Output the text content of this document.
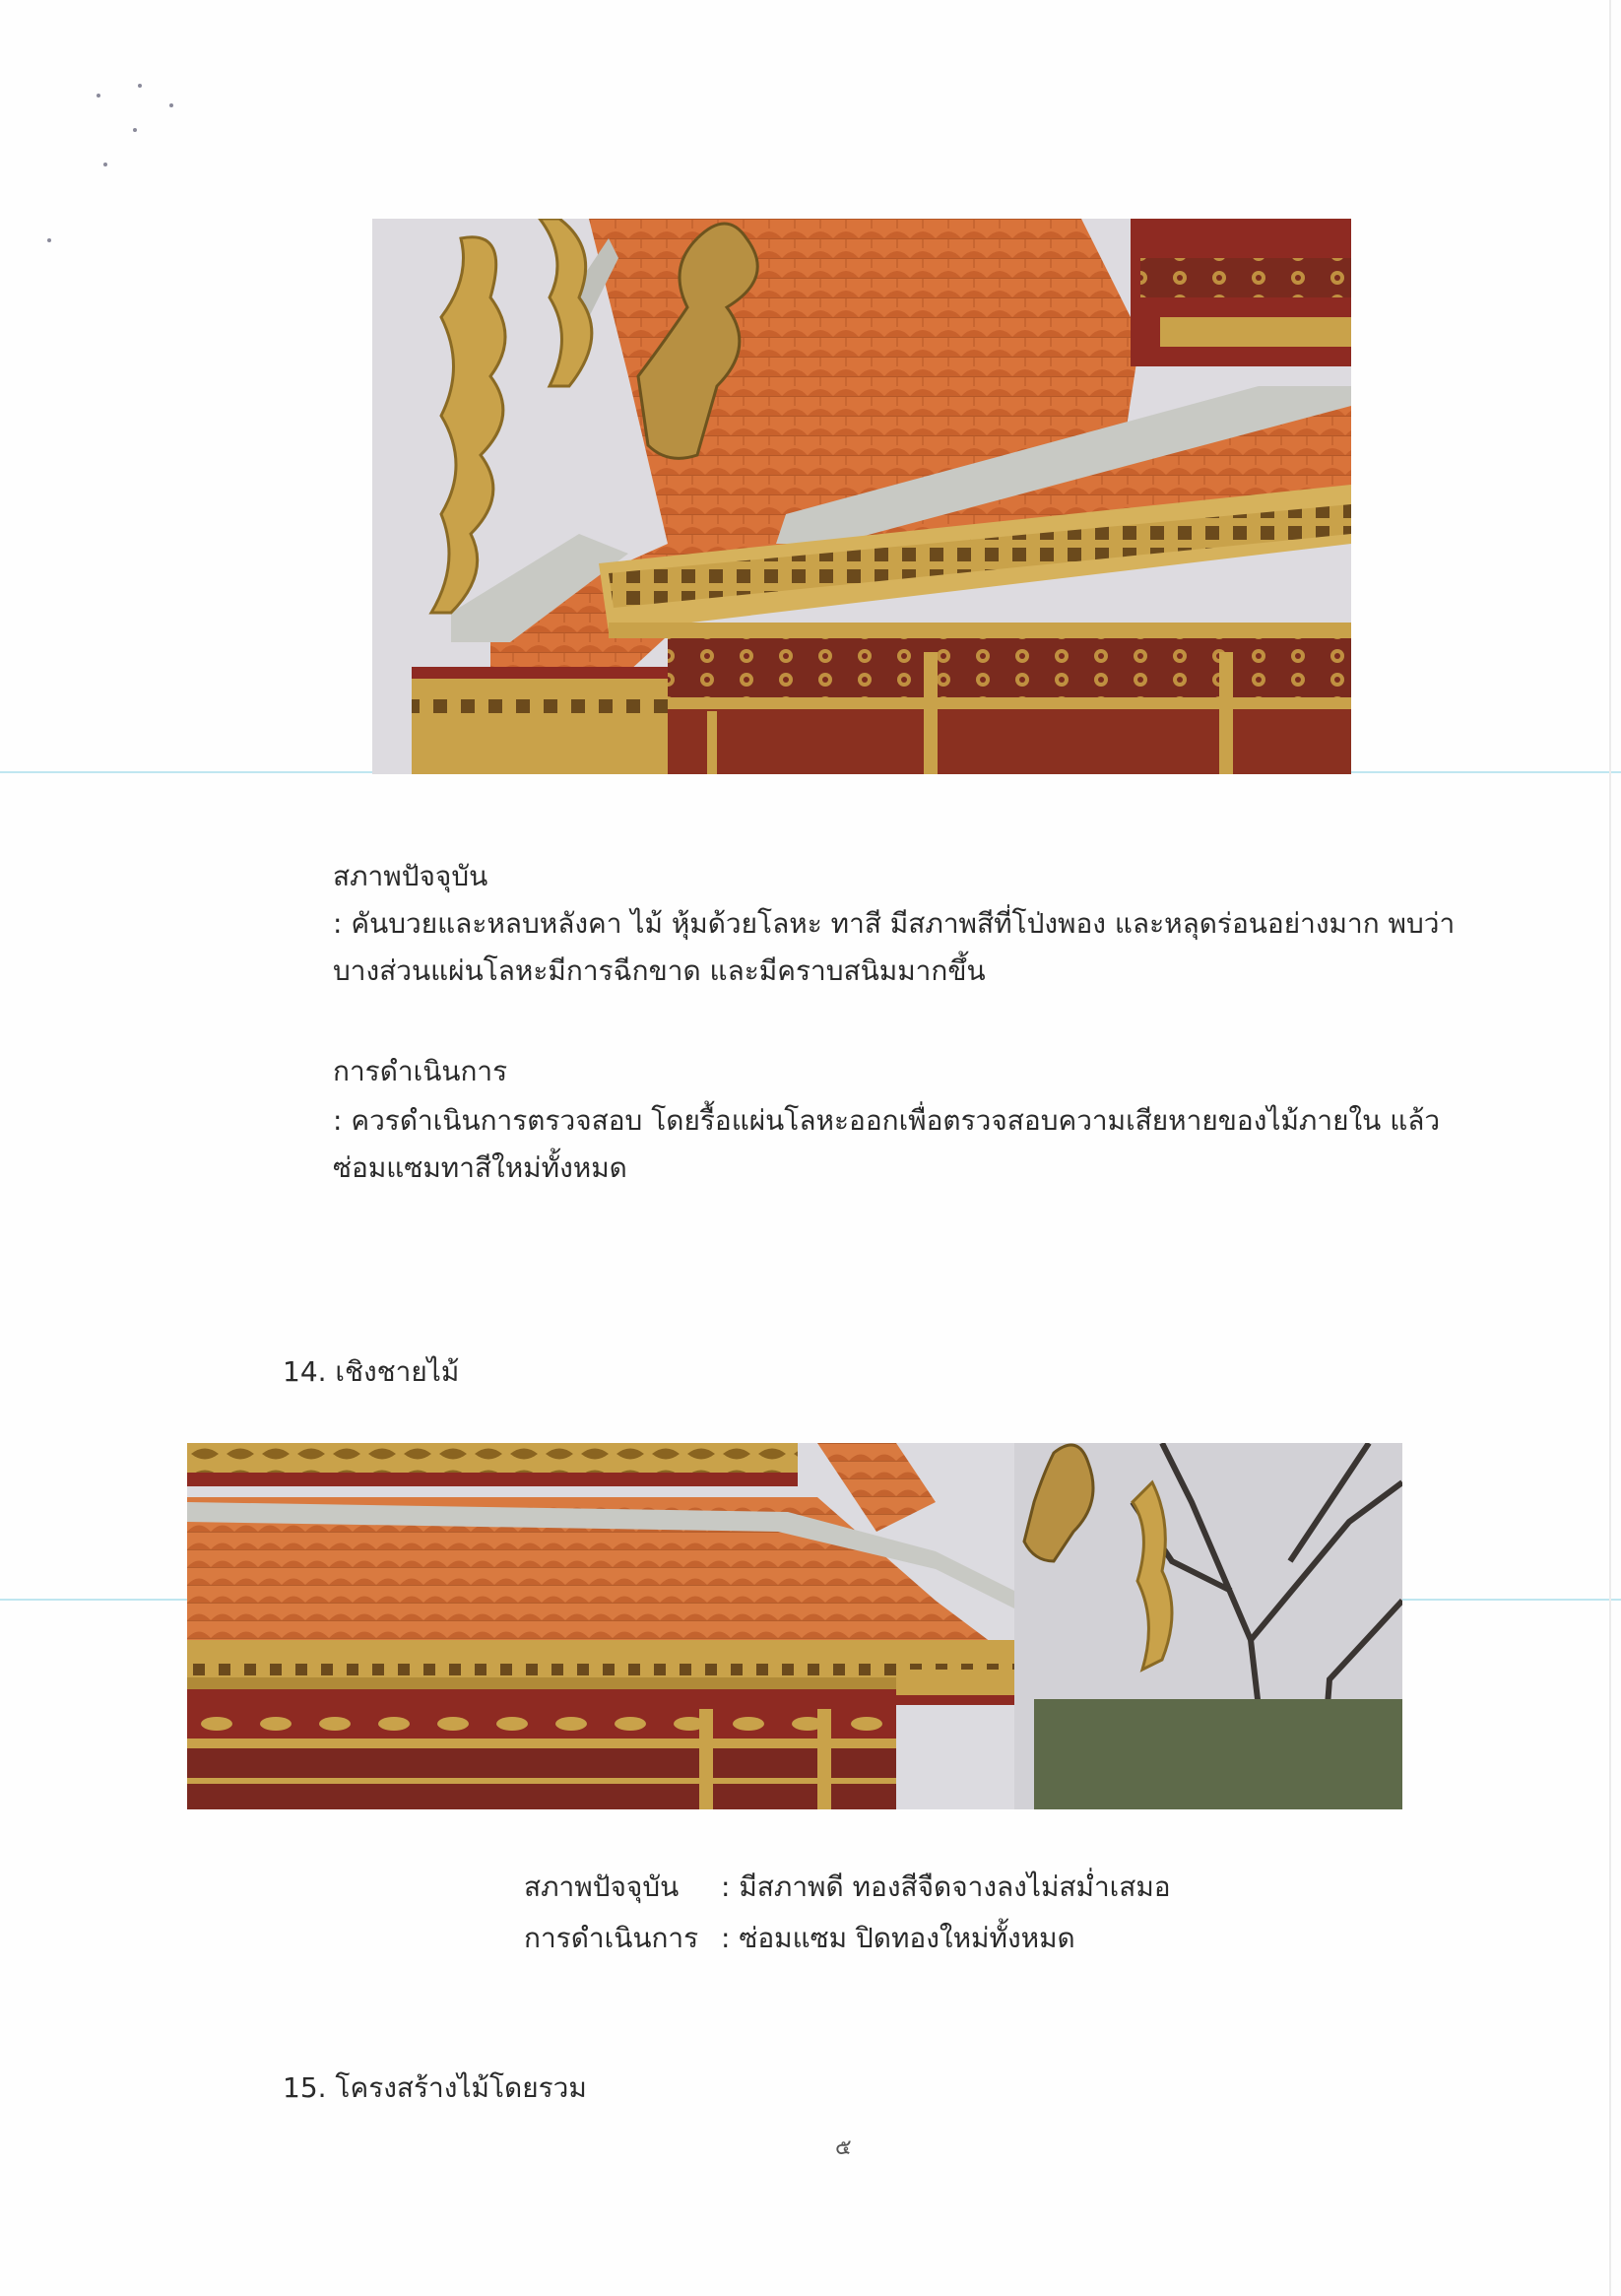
สภาพปัจจุบัน
: คันบวยและหลบหลังคา ไม้ หุ้มด้วยโลหะ ทาสี มีสภาพสีที่โป่งพอง และหลุดร่อนอย่างมาก พบว่า
บางส่วนแผ่นโลหะมีการฉีกขาด และมีคราบสนิมมากขึ้น
การดำเนินการ
: ควรดำเนินการตรวจสอบ โดยรื้อแผ่นโลหะออกเพื่อตรวจสอบความเสียหายของไม้ภายใน แล้ว
ซ่อมแซมทาสีใหม่ทั้งหมด
14. เชิงชายไม้
สภาพปัจจุบัน	: มีสภาพดี ทองสีจืดจางลงไม่สม่ำเสมอ
การดำเนินการ : ซ่อมแซม ปิดทองใหม่ทั้งหมด
15. โครงสร้างไม้โดยรวม
๕
